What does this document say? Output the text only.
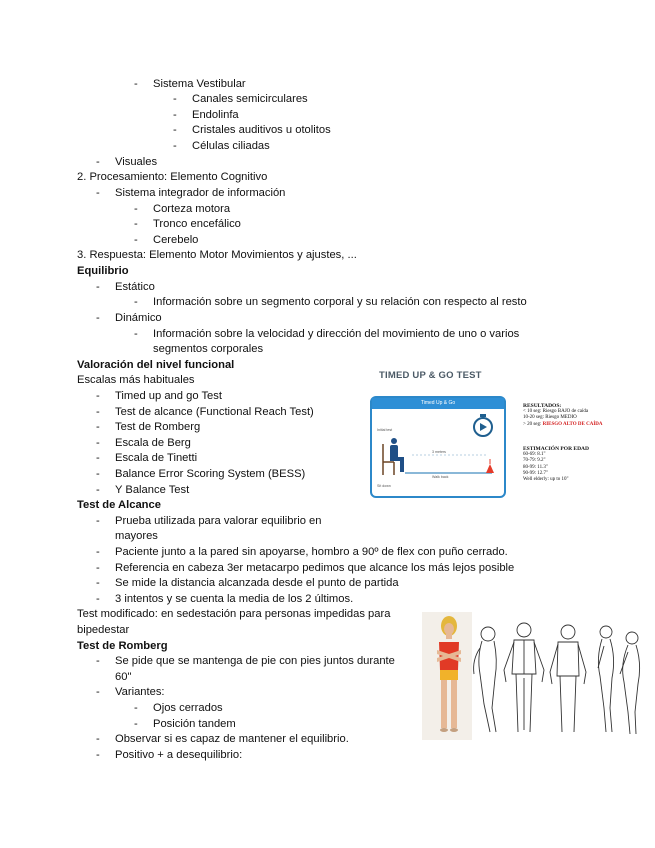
- Sistema Vestibular
- Canales semicirculares
- Endolinfa
- Cristales auditivos u otolitos
- Células ciliadas
- Visuales
2. Procesamiento: Elemento Cognitivo
- Sistema integrador de información
- Corteza motora
- Tronco encefálico
- Cerebelo
3. Respuesta: Elemento Motor Movimientos y ajustes, ...
Equilibrio
- Estático
- Información sobre un segmento corporal y su relación con respecto al resto
- Dinámico
- Información sobre la velocidad y dirección del movimiento de uno o varios
segmentos corporales
Valoración del nivel funcional
Escalas más habituales
- Timed up and go Test
- Test de alcance (Functional Reach Test)
- Test de Romberg
- Escala de Berg
- Escala de Tinetti
- Balance Error Scoring System (BESS)
- Y Balance Test
Test de Alcance
- Prueba utilizada para valorar equilibrio en
mayores
- Paciente junto a la pared sin apoyarse, hombro a 90º de flex con puño cerrado.
- Referencia en cabeza 3er metacarpo pedimos que alcance los más lejos posible
- Se mide la distancia alcanzada desde el punto de partida
- 3 intentos y se cuenta la media de los 2 últimos.
Test modificado: en sedestación para personas impedidas para
bipedestar
Test de Romberg
- Se pide que se mantenga de pie con pies juntos durante
60"
- Variantes:
- Ojos cerrados
- Posición tandem
- Observar si es capaz de mantener el equilibrio.
- Positivo + a desequilibrio:
TIMED UP & GO TEST
Timed Up & Go
Initial test
3 meters
Walk back
Sit down
RESULTADOS:
< 10 seg: Riesgo BAJO de caída
10-20 seg: Riesgo MEDIO
> 20 seg: RIESGO ALTO DE CAÍDA
ESTIMACIÓN POR EDAD
60-69: 8.1"
70-79: 9.2"
80-99: 11.3"
90-99: 12.7"
Well elderly: up to 10"
